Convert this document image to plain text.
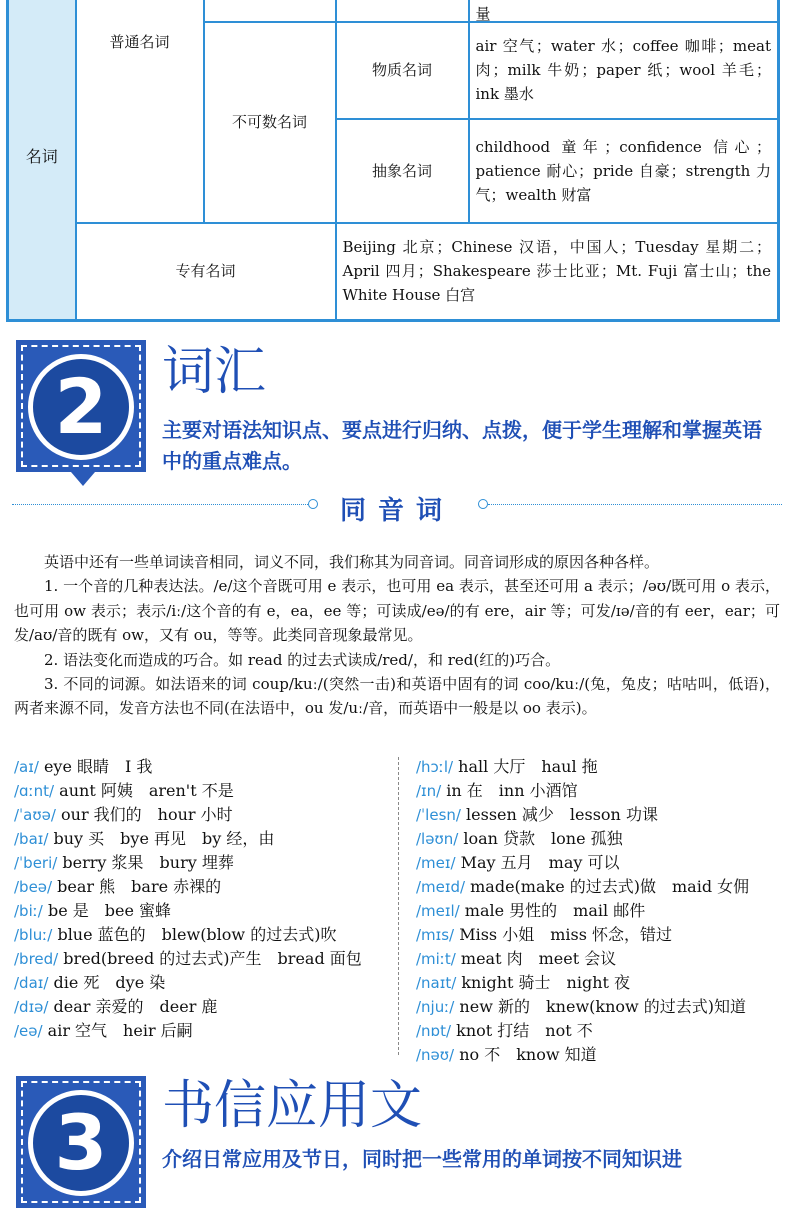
名词	普通名词			量
		不可数名词	物质名词	air 空气；water 水；coffee 咖啡；meat 肉；milk 牛奶；paper 纸；wool 羊毛；ink 墨水
			抽象名词	childhood 童年；confidence 信心；patience 耐心；pride 自豪；strength 力气；wealth 财富
	专有名词		Beijing 北京；Chinese 汉语，中国人；Tuesday 星期二；April 四月；Shakespeare 莎士比亚；Mt. Fuji 富士山；the White House 白宫	
2 词汇
主要对语法知识点、要点进行归纳、点拨，便于学生理解和掌握英语中的重点难点。
同音词

英语中还有一些单词读音相同，词义不同，我们称其为同音词。同音词形成的原因各种各样。

1. 一个音的几种表达法。/e/这个音既可用 e 表示，也可用 ea 表示，甚至还可用 a 表示；/əʊ/既可用 o 表示，也可用 ow 表示；表示/iː/这个音的有 e，ea，ee 等；可读成/eə/的有 ere，air 等；可发/ɪə/音的有 eer，ear；可发/aʊ/音的既有 ow，又有 ou，等等。此类同音现象最常见。

2. 语法变化而造成的巧合。如 read 的过去式读成/red/，和 red(红的)巧合。

3. 不同的词源。如法语来的词 coup/kuː/(突然一击)和英语中固有的词 coo/kuː/(兔，兔皮；咕咕叫，低语)，两者来源不同，发音方法也不同(在法语中，ou 发/uː/音，而英语中一般是以 oo 表示)。

/aɪ/ eye 眼睛　I 我
/ɑːnt/ aunt 阿姨　aren't 不是
/ˈaʊə/ our 我们的　hour 小时
/baɪ/ buy 买　bye 再见　by 经，由
/ˈberi/ berry 浆果　bury 埋葬
/beə/ bear 熊　bare 赤裸的
/biː/ be 是　bee 蜜蜂
/bluː/ blue 蓝色的　blew(blow 的过去式)吹
/bred/ bred(breed 的过去式)产生　bread 面包
/daɪ/ die 死　dye 染
/dɪə/ dear 亲爱的　deer 鹿
/eə/ air 空气　heir 后嗣
/hɔːl/ hall 大厅　haul 拖
/ɪn/ in 在　inn 小酒馆
/ˈlesn/ lessen 减少　lesson 功课
/ləʊn/ loan 贷款　lone 孤独
/meɪ/ May 五月　may 可以
/meɪd/ made(make 的过去式)做　maid 女佣
/meɪl/ male 男性的　mail 邮件
/mɪs/ Miss 小姐　miss 怀念，错过
/miːt/ meat 肉　meet 会议
/naɪt/ knight 骑士　night 夜
/njuː/ new 新的　knew(know 的过去式)知道
/nɒt/ knot 打结　not 不
/nəʊ/ no 不　know 知道
3 书信应用文
介绍日常应用及节日，同时把一些常用的单词按不同知识进
